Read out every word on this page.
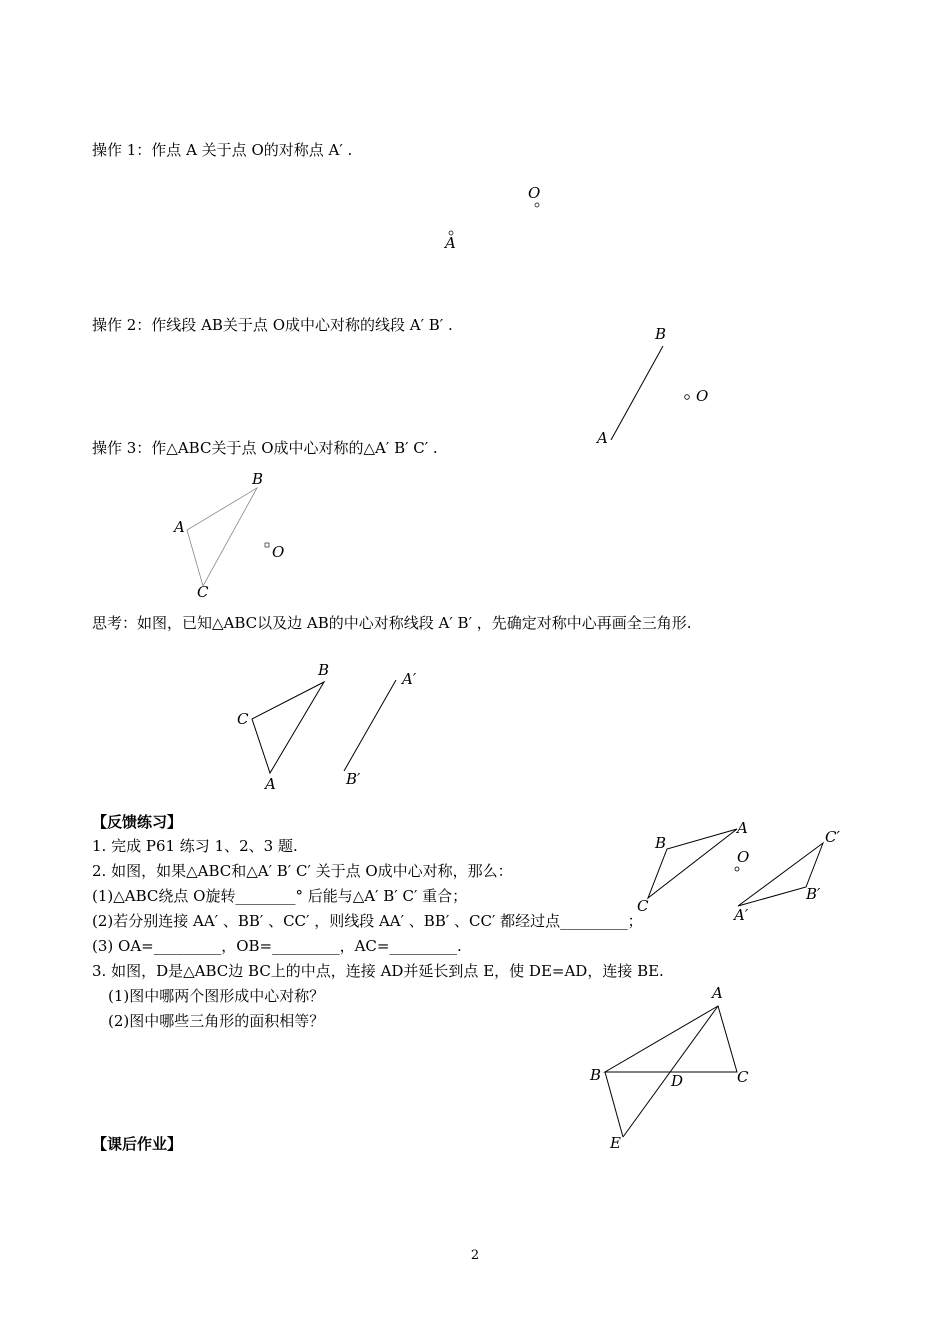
操作 1：作点 A 关于点 O的对称点 A′ .
操作 2：作线段 AB关于点 O成中心对称的线段 A′ B′ .
操作 3：作△ABC关于点 O成中心对称的△A′ B′ C′ .
思考：如图，已知△ABC以及边 AB的中心对称线段 A′ B′ ，先确定对称中心再画全三角形.
【反馈练习】
1. 完成 P61 练习 1、2、3 题.
2. 如图，如果△ABC和△A′ B′ C′ 关于点 O成中心对称，那么：
(1)△ABC绕点 O旋转________° 后能与△A′ B′ C′ 重合；
(2)若分别连接 AA′ 、BB′ 、CC′ ，则线段 AA′ 、BB′ 、CC′ 都经过点_________；
(3) OA=_________，OB=_________，AC=_________.
3. 如图，D是△ABC边 BC上的中点，连接 AD并延长到点 E，使 DE=AD，连接 BE.
(1)图中哪两个图形成中心对称？
(2)图中哪些三角形的面积相等？
【课后作业】
O
A
B
O
A
B
A
O
C
B
C
A
A′
B′
B
A
O
C
C′
B′
A′
A
B	D	C
E
2
